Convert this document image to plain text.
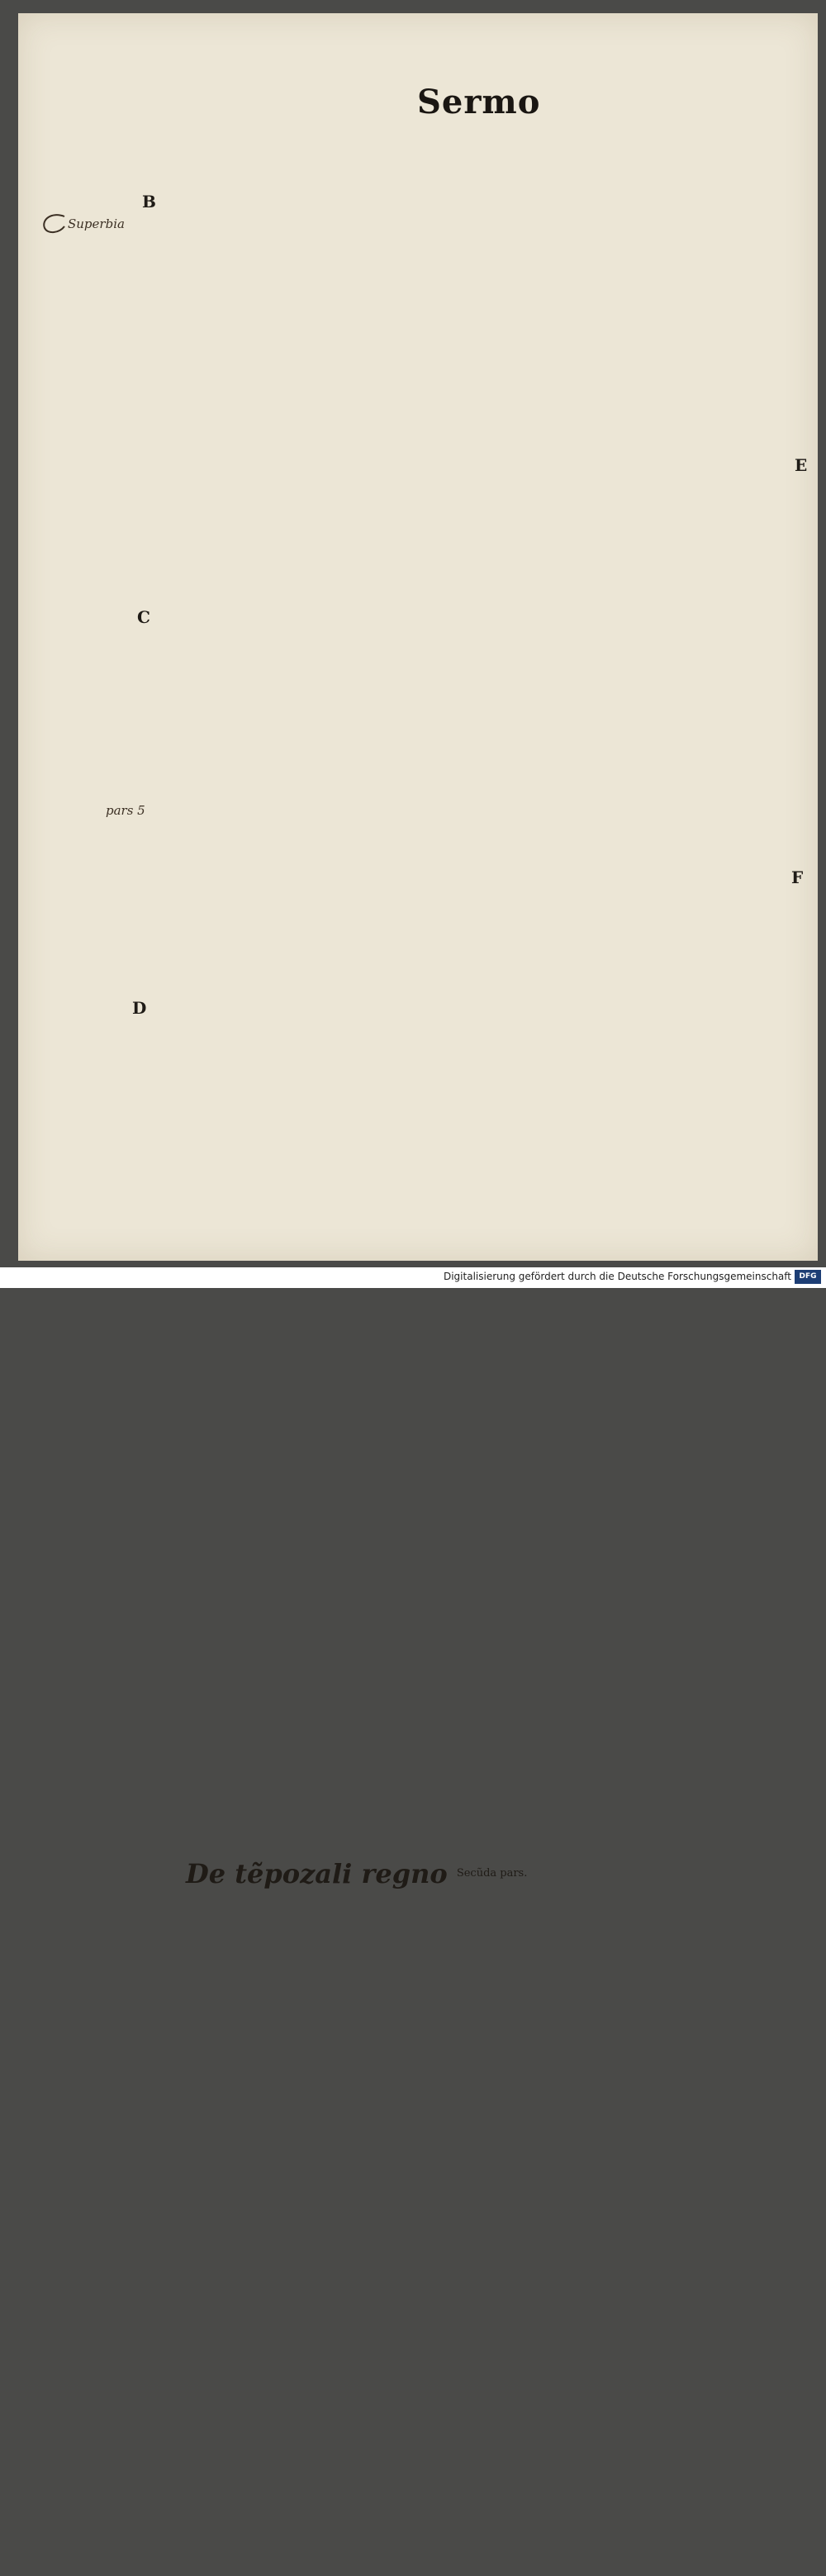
Sermo
De tẽpozali regno $^{Secũda pars.}$
B
C
D
E
F
Superbia
pars 5
Digitalisierung gefördert durch die Deutsche Forschungsgemeinschaft	DFG
